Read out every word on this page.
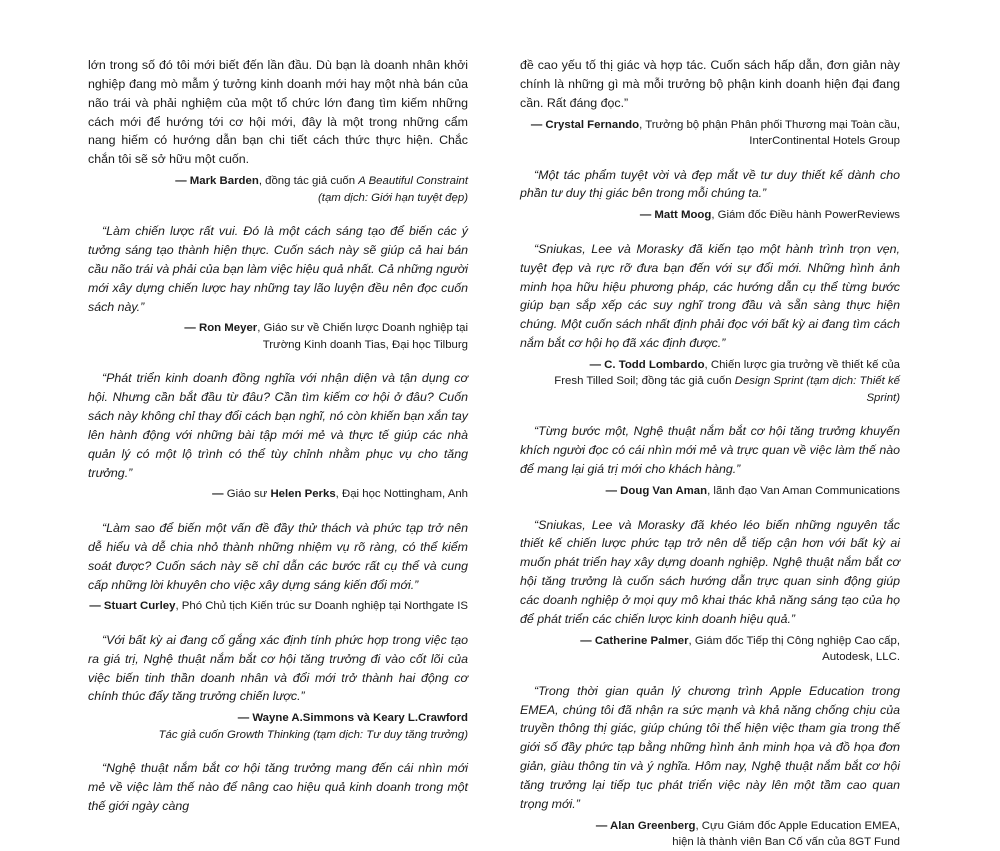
lớn trong số đó tôi mới biết đến lần đầu. Dù bạn là doanh nhân khởi nghiệp đang mò mẫm ý tưởng kinh doanh mới hay một nhà bán của não trái và phải nghiệm của một tổ chức lớn đang tìm kiếm những cách mới để hướng tới cơ hội mới, đây là một trong những cẩm nang hiếm có hướng dẫn bạn chi tiết cách thức thực hiện. Chắc chắn tôi sẽ sở hữu một cuốn.

— Mark Barden, đồng tác giả cuốn A Beautiful Constraint
(tạm dịch: Giới hạn tuyệt đẹp)

“Làm chiến lược rất vui. Đó là một cách sáng tạo để biến các ý tưởng sáng tạo thành hiện thực. Cuốn sách này sẽ giúp cả hai bán cầu não trái và phải của bạn làm việc hiệu quả nhất. Cả những người mới xây dựng chiến lược hay những tay lão luyện đều nên đọc cuốn sách này.”

— Ron Meyer, Giáo sư về Chiến lược Doanh nghiệp tại
Trường Kinh doanh Tias, Đại học Tilburg

“Phát triển kinh doanh đồng nghĩa với nhận diện và tận dụng cơ hội. Nhưng cần bắt đầu từ đâu? Cần tìm kiếm cơ hội ở đâu? Cuốn sách này không chỉ thay đổi cách bạn nghĩ, nó còn khiến bạn xắn tay lên hành động với những bài tập mới mẻ và thực tế giúp các nhà quản lý có một lộ trình có thể tùy chỉnh nhằm phục vụ cho tăng trưởng.”

— Giáo sư Helen Perks, Đại học Nottingham, Anh

“Làm sao để biến một vấn đề đầy thử thách và phức tạp trở nên dễ hiểu và dễ chia nhỏ thành những nhiệm vụ rõ ràng, có thể kiểm soát được? Cuốn sách này sẽ chỉ dẫn các bước rất cụ thể và cung cấp những lời khuyên cho việc xây dựng sáng kiến đổi mới.”

— Stuart Curley, Phó Chủ tịch Kiến trúc sư Doanh nghiệp tại Northgate IS

“Với bất kỳ ai đang cố gắng xác định tính phức hợp trong việc tạo ra giá trị, Nghệ thuật nắm bắt cơ hội tăng trưởng đi vào cốt lõi của việc biến tinh thần doanh nhân và đổi mới trở thành hai động cơ chính thúc đẩy tăng trưởng chiến lược.”

— Wayne A.Simmons và Keary L.Crawford
Tác giả cuốn Growth Thinking (tạm dịch: Tư duy tăng trưởng)

“Nghệ thuật nắm bắt cơ hội tăng trưởng mang đến cái nhìn mới mẻ về việc làm thế nào để nâng cao hiệu quả kinh doanh trong một thế giới ngày càng

đề cao yếu tố thị giác và hợp tác. Cuốn sách hấp dẫn, đơn giản này chính là những gì mà mỗi trưởng bộ phận kinh doanh hiện đại đang cần. Rất đáng đọc.”

— Crystal Fernando, Trưởng bộ phận Phân phối Thương mại Toàn cầu,
InterContinental Hotels Group

“Một tác phẩm tuyệt vời và đẹp mắt về tư duy thiết kế dành cho phần tư duy thị giác bên trong mỗi chúng ta.”

— Matt Moog, Giám đốc Điều hành PowerReviews

“Sniukas, Lee và Morasky đã kiến tạo một hành trình trọn vẹn, tuyệt đẹp và rực rỡ đưa bạn đến với sự đổi mới. Những hình ảnh minh họa hữu hiệu phương pháp, các hướng dẫn cụ thể từng bước giúp bạn sắp xếp các suy nghĩ trong đầu và sẵn sàng thực hiện chúng. Một cuốn sách nhất định phải đọc với bất kỳ ai đang tìm cách nắm bắt cơ hội họ đã xác định được.”

— C. Todd Lombardo, Chiến lược gia trưởng về thiết kế của
Fresh Tilled Soil; đồng tác giả cuốn Design Sprint (tạm dịch: Thiết kế Sprint)

“Từng bước một, Nghệ thuật nắm bắt cơ hội tăng trưởng khuyến khích người đọc có cái nhìn mới mẻ và trực quan về việc làm thế nào để mang lại giá trị mới cho khách hàng.”

— Doug Van Aman, lãnh đạo Van Aman Communications

“Sniukas, Lee và Morasky đã khéo léo biến những nguyên tắc thiết kế chiến lược phức tạp trở nên dễ tiếp cận hơn với bất kỳ ai muốn phát triển hay xây dựng doanh nghiệp. Nghệ thuật nắm bắt cơ hội tăng trưởng là cuốn sách hướng dẫn trực quan sinh động giúp các doanh nghiệp ở mọi quy mô khai thác khả năng sáng tạo của họ để phát triển các chiến lược kinh doanh hiệu quả.”

— Catherine Palmer, Giám đốc Tiếp thị Công nghiệp Cao cấp,
Autodesk, LLC.

“Trong thời gian quản lý chương trình Apple Education trong EMEA, chúng tôi đã nhận ra sức mạnh và khả năng chống chịu của truyền thông thị giác, giúp chúng tôi thể hiện việc tham gia trong thế giới số đầy phức tạp bằng những hình ảnh minh họa và đồ họa đơn giản, giàu thông tin và ý nghĩa. Hôm nay, Nghệ thuật nắm bắt cơ hội tăng trưởng lại tiếp tục phát triển việc này lên một tầm cao quan trọng mới.”

— Alan Greenberg, Cựu Giám đốc Apple Education EMEA,
hiện là thành viên Ban Cố vấn của 8GT Fund
